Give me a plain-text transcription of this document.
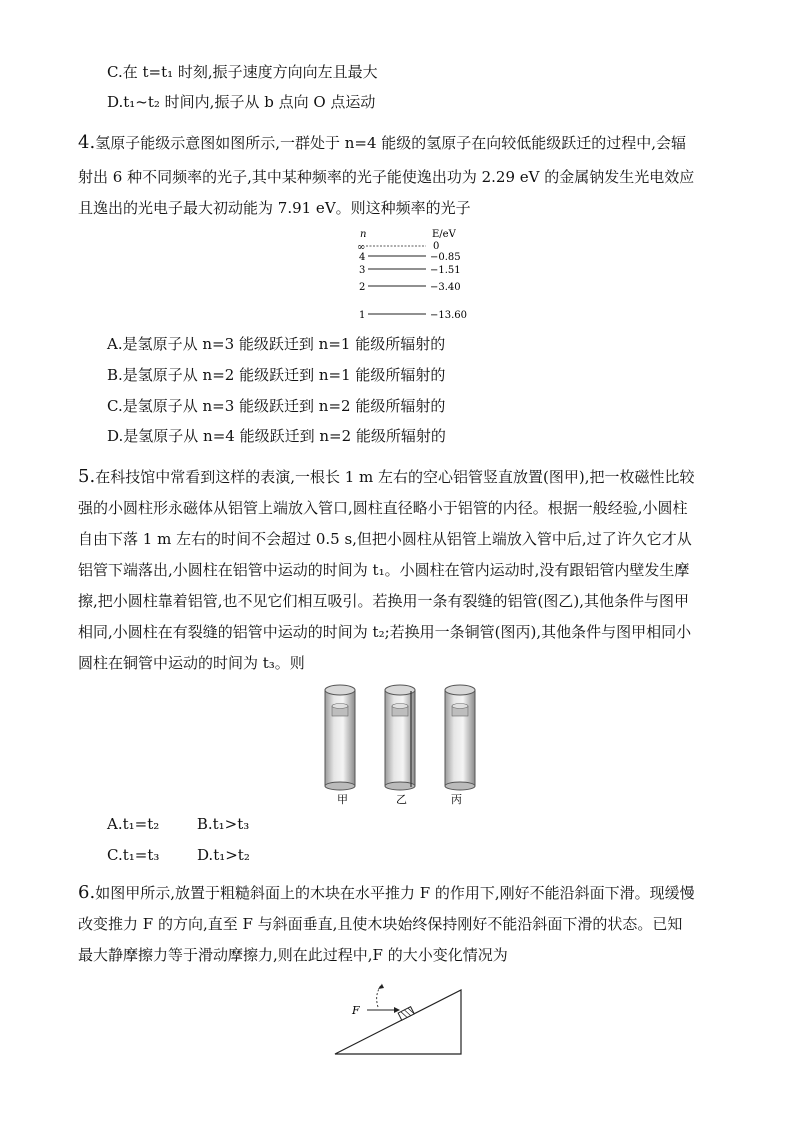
C.在 t=t₁ 时刻,振子速度方向向左且最大
D.t₁~t₂ 时间内,振子从 b 点向 O 点运动
4.氢原子能级示意图如图所示,一群处于 n=4 能级的氢原子在向较低能级跃迁的过程中,会辐
射出 6 种不同频率的光子,其中某种频率的光子能使逸出功为 2.29 eV 的金属钠发生光电效应
且逸出的光电子最大初动能为 7.91 eV。则这种频率的光子
n	E/eV
∞	0
4	−0.85
3	−1.51
2	−3.40
1	−13.60
A.是氢原子从 n=3 能级跃迁到 n=1 能级所辐射的
B.是氢原子从 n=2 能级跃迁到 n=1 能级所辐射的
C.是氢原子从 n=3 能级跃迁到 n=2 能级所辐射的
D.是氢原子从 n=4 能级跃迁到 n=2 能级所辐射的
5.在科技馆中常看到这样的表演,一根长 1 m 左右的空心铝管竖直放置(图甲),把一枚磁性比较
强的小圆柱形永磁体从铝管上端放入管口,圆柱直径略小于铝管的内径。根据一般经验,小圆柱
自由下落 1 m 左右的时间不会超过 0.5 s,但把小圆柱从铝管上端放入管中后,过了许久它才从
铝管下端落出,小圆柱在铝管中运动的时间为 t₁。小圆柱在管内运动时,没有跟铝管内壁发生摩
擦,把小圆柱靠着铝管,也不见它们相互吸引。若换用一条有裂缝的铝管(图乙),其他条件与图甲
相同,小圆柱在有裂缝的铝管中运动的时间为 t₂;若换用一条铜管(图丙),其他条件与图甲相同小
圆柱在铜管中运动的时间为 t₃。则
甲	乙	丙
A.t₁=t₂	B.t₁>t₃
C.t₁=t₃	D.t₁>t₂
6.如图甲所示,放置于粗糙斜面上的木块在水平推力 F 的作用下,刚好不能沿斜面下滑。现缓慢
改变推力 F 的方向,直至 F 与斜面垂直,且使木块始终保持刚好不能沿斜面下滑的状态。已知
最大静摩擦力等于滑动摩擦力,则在此过程中,F 的大小变化情况为
F
